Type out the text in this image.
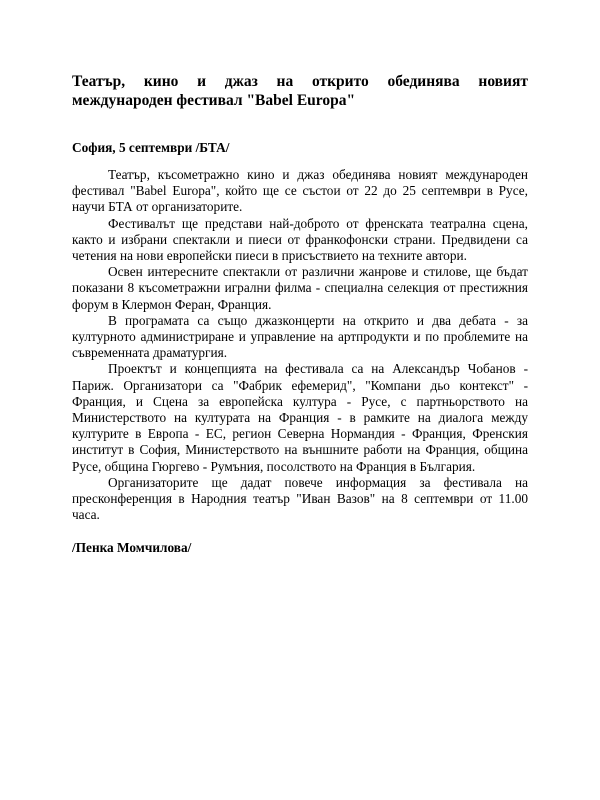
Театър, кино и джаз на открито обединява новият международен фестивал "Babel Europa"

София, 5 септември /БТА/

Театър, късометражно кино и джаз обединява новият международен фестивал "Babel Europa", който ще се състои от 22 до 25 септември в Русе, научи БТА от организаторите.

Фестивалът ще представи най-доброто от френската театрална сцена, както и избрани спектакли и пиеси от франкофонски страни. Предвидени са четения на нови европейски пиеси в присъствието на техните автори.

Освен интересните спектакли от различни жанрове и стилове, ще бъдат показани 8 късометражни игрални филма - специална селекция от престижния форум в Клермон Феран, Франция.

В програмата са също джазконцерти на открито и два дебата - за културното администриране и управление на артпродукти и по проблемите на съвременната драматургия.

Проектът и концепцията на фестивала са на Александър Чобанов - Париж. Организатори са "Фабрик ефемерид", "Компани дьо контекст" - Франция, и Сцена за европейска култура - Русе, с партньорството на Министерството на културата на Франция - в рамките на диалога между културите в Европа - ЕС, регион Северна Нормандия - Франция, Френския институт в София, Министерството на външните работи на Франция, община Русе, община Гюргево - Румъния, посолството на Франция в България.

Организаторите ще дадат повече информация за фестивала на пресконференция в Народния театър "Иван Вазов" на 8 септември от 11.00 часа.

/Пенка Момчилова/
